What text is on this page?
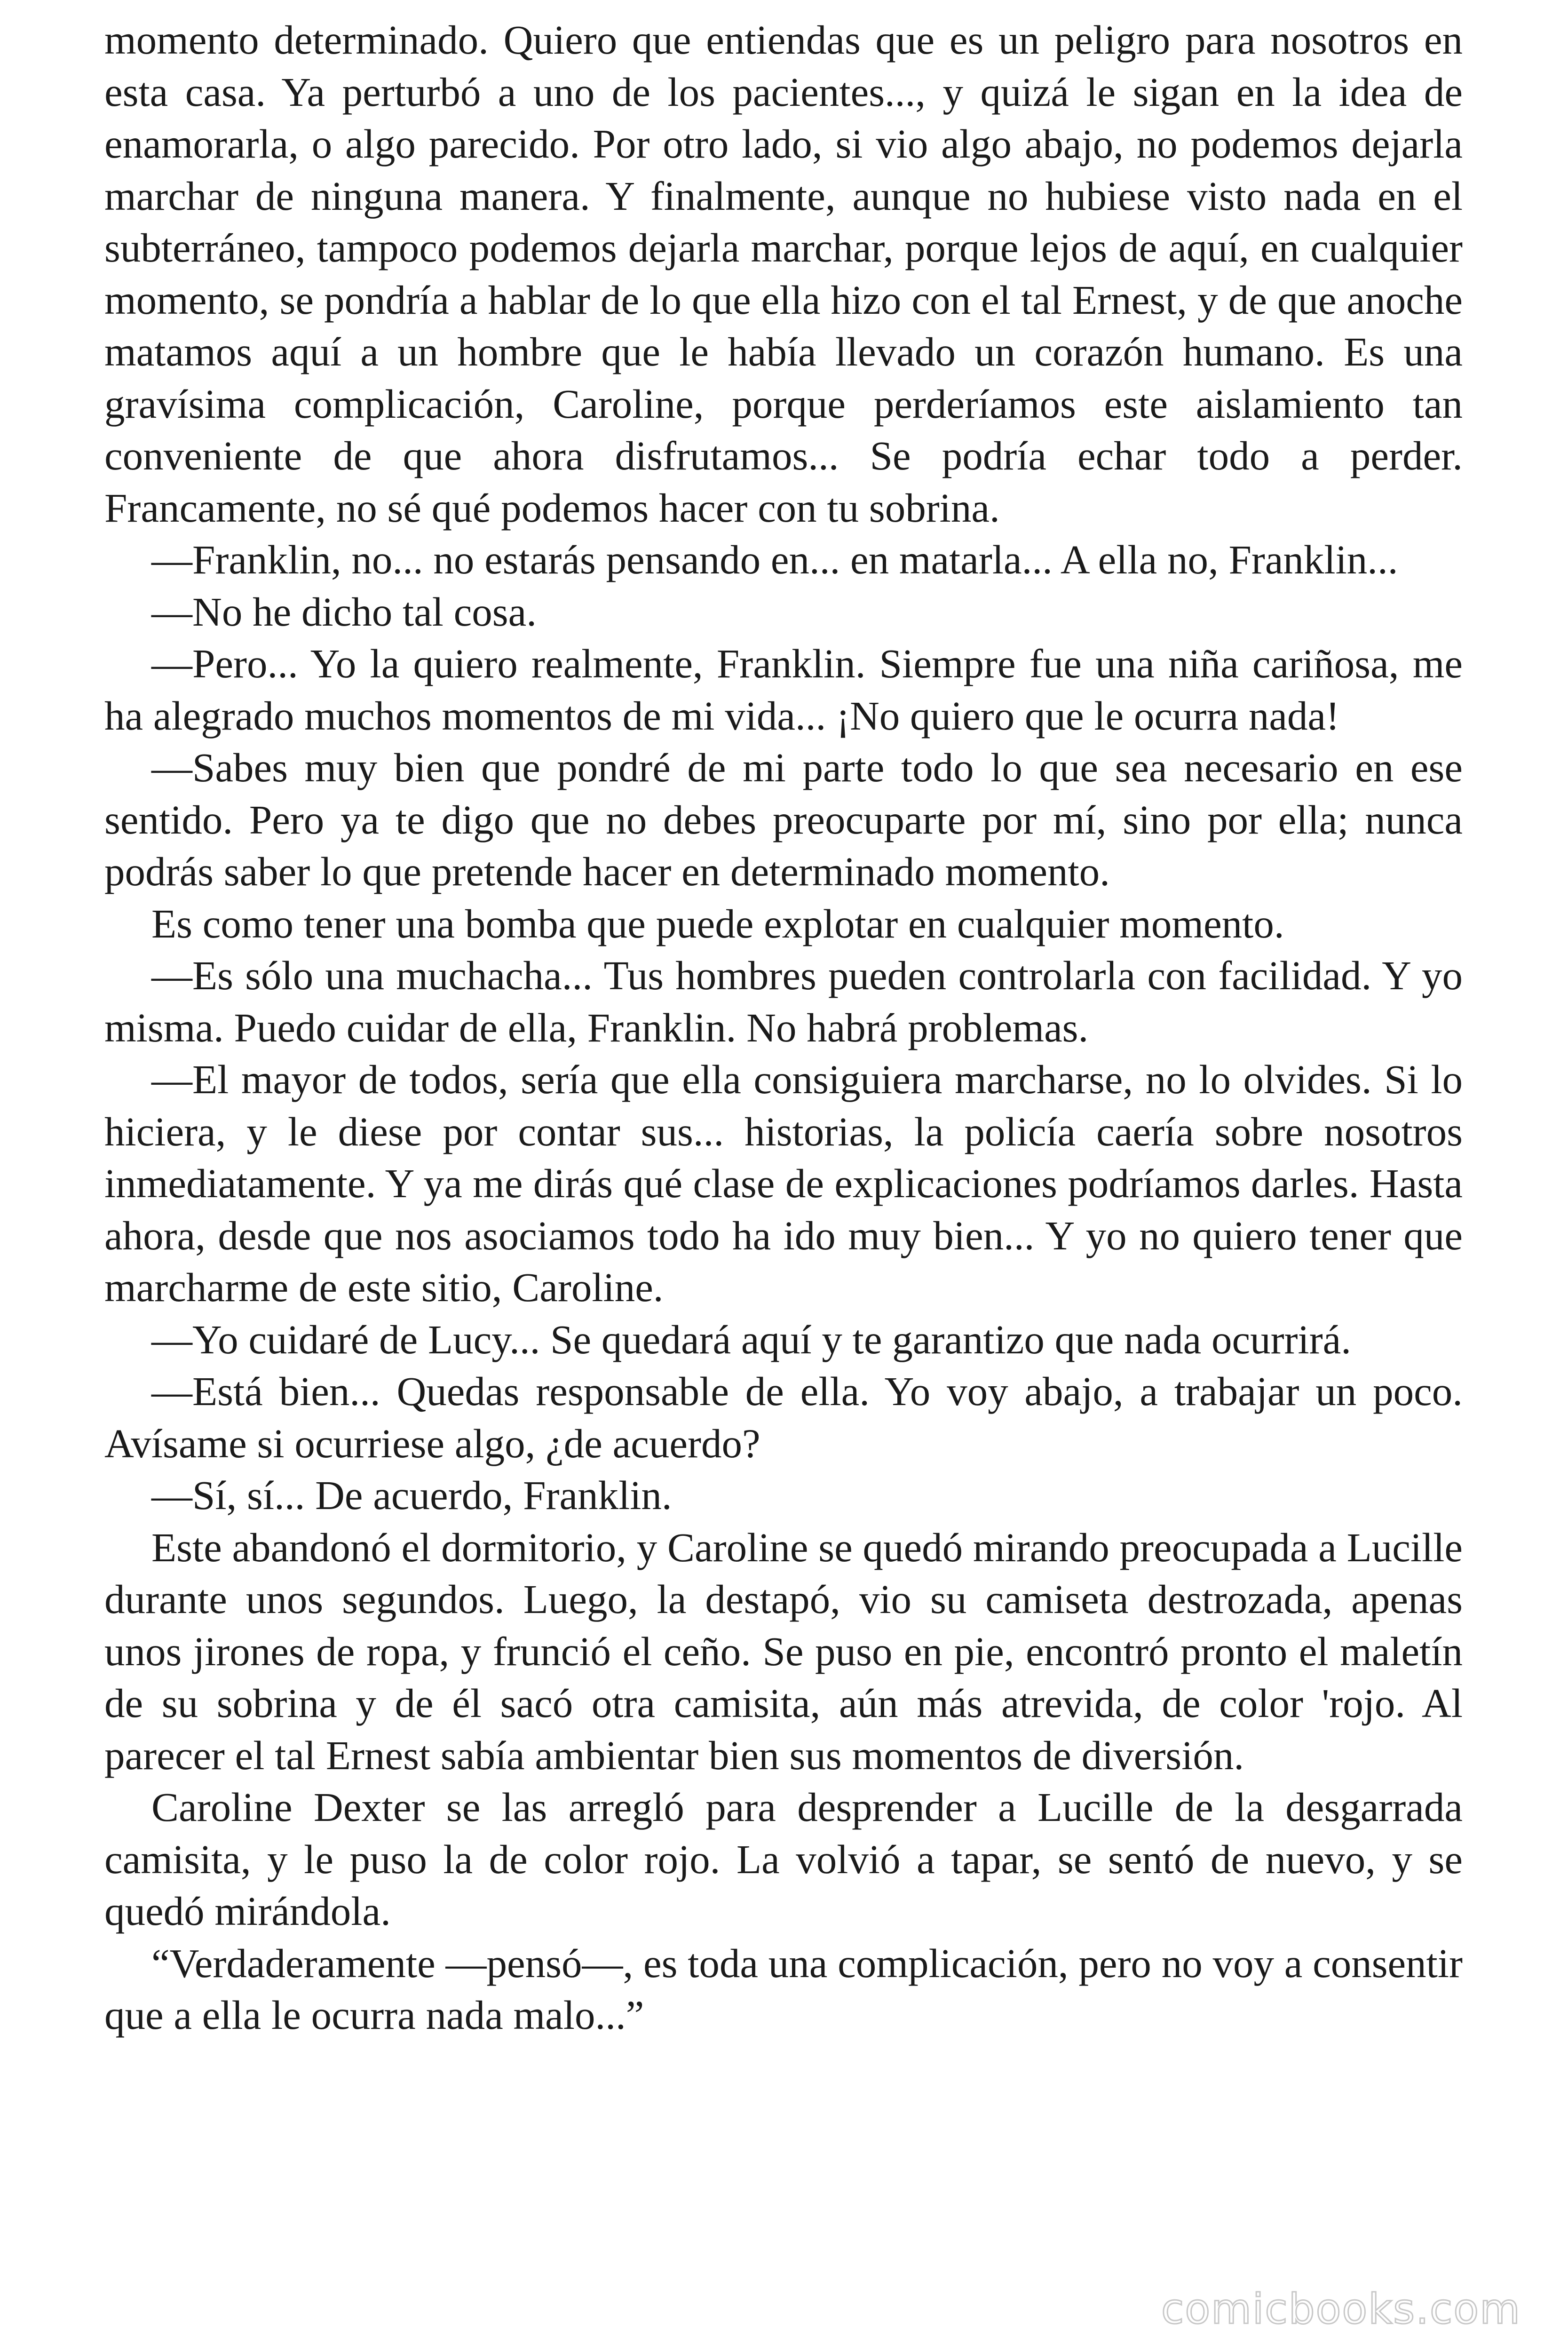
momento determinado. Quiero que entiendas que es un peligro para nosotros en esta casa. Ya perturbó a uno de los pacientes..., y quizá le sigan en la idea de enamorarla, o algo parecido. Por otro lado, si vio algo abajo, no podemos dejarla marchar de ninguna manera. Y finalmente, aunque no hubiese visto nada en el subterráneo, tampoco podemos dejarla marchar, porque lejos de aquí, en cualquier momento, se pondría a hablar de lo que ella hizo con el tal Ernest, y de que anoche matamos aquí a un hombre que le había llevado un corazón humano. Es una gravísima complicación, Caroline, porque perderíamos este aislamiento tan conveniente de que ahora disfrutamos... Se podría echar todo a perder. Francamente, no sé qué podemos hacer con tu sobrina.

—Franklin, no... no estarás pensando en... en matarla... A ella no, Franklin...

—No he dicho tal cosa.

—Pero... Yo la quiero realmente, Franklin. Siempre fue una niña cariñosa, me ha alegrado muchos momentos de mi vida... ¡No quiero que le ocurra nada!

—Sabes muy bien que pondré de mi parte todo lo que sea necesario en ese sentido. Pero ya te digo que no debes preocuparte por mí, sino por ella; nunca podrás saber lo que pretende hacer en determinado momento.

Es como tener una bomba que puede explotar en cualquier momento.

—Es sólo una muchacha... Tus hombres pueden controlarla con facilidad. Y yo misma. Puedo cuidar de ella, Franklin. No habrá problemas.

—El mayor de todos, sería que ella consiguiera marcharse, no lo olvides. Si lo hiciera, y le diese por contar sus... historias, la policía caería sobre nosotros inmediatamente. Y ya me dirás qué clase de explicaciones podríamos darles. Hasta ahora, desde que nos asociamos todo ha ido muy bien... Y yo no quiero tener que marcharme de este sitio, Caroline.

—Yo cuidaré de Lucy... Se quedará aquí y te garantizo que nada ocurrirá.

—Está bien... Quedas responsable de ella. Yo voy abajo, a trabajar un poco. Avísame si ocurriese algo, ¿de acuerdo?

—Sí, sí... De acuerdo, Franklin.

Este abandonó el dormitorio, y Caroline se quedó mirando preocupada a Lucille durante unos segundos. Luego, la destapó, vio su camiseta destrozada, apenas unos jirones de ropa, y frunció el ceño. Se puso en pie, encontró pronto el maletín de su sobrina y de él sacó otra camisita, aún más atrevida, de color 'rojo. Al parecer el tal Ernest sabía ambientar bien sus momentos de diversión.

Caroline Dexter se las arregló para desprender a Lucille de la desgarrada camisita, y le puso la de color rojo. La volvió a tapar, se sentó de nuevo, y se quedó mirándola.

“Verdaderamente —pensó—, es toda una complicación, pero no voy a consentir que a ella le ocurra nada malo...”

comicbooks.com
